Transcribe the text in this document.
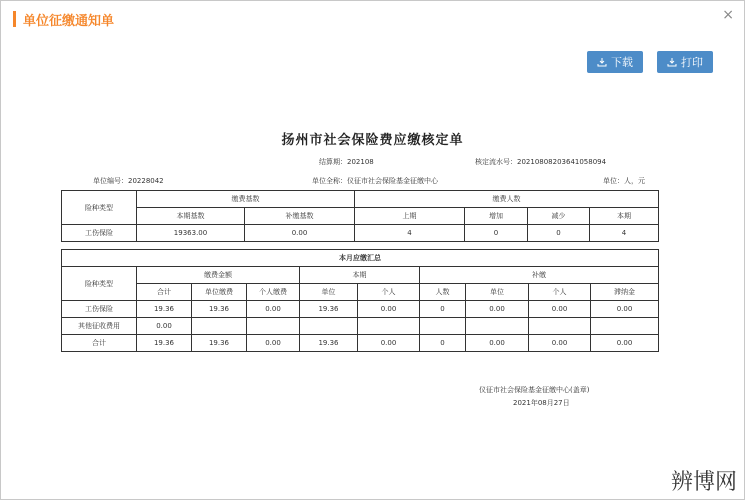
单位征缴通知单	×
下载	打印
扬州市社会保险费应缴核定单
结算期：202108	核定流水号：20210808203641058094
单位编号：20228042	单位全称：仪征市社会保险基金征缴中心	单位：人，元
险种类型	缴费基数		缴费人数			
	本期基数	补缴基数	上期	增加	减少	本期
工伤保险	19363.00	0.00	4	0	0	4
本月应缴汇总									
险种类型	缴费金额			本期		补缴			
	合计	单位缴费	个人缴费	单位	个人	人数	单位	个人	滞纳金
工伤保险	19.36	19.36	0.00	19.36	0.00	0	0.00	0.00	0.00
其他征收费用	0.00								
合计	19.36	19.36	0.00	19.36	0.00	0	0.00	0.00	0.00
仪征市社会保险基金征缴中心(盖章)
2021年08月27日
辨博网
